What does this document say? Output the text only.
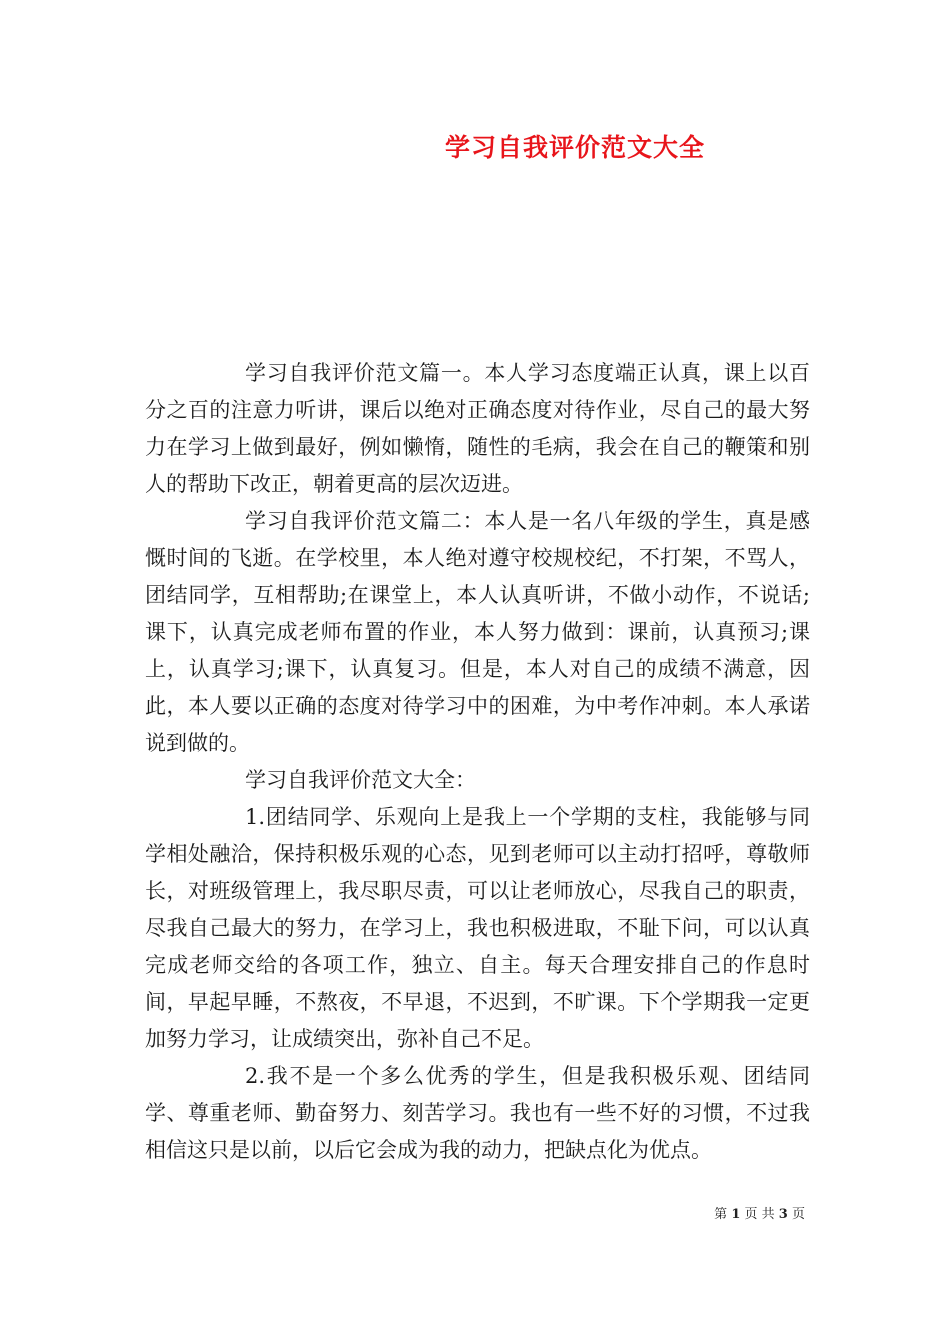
学习自我评价范文大全

学习自我评价范文篇一。本人学习态度端正认真，课上以百分之百的注意力听讲，课后以绝对正确态度对待作业，尽自己的最大努力在学习上做到最好，例如懒惰，随性的毛病，我会在自己的鞭策和别人的帮助下改正，朝着更高的层次迈进。

学习自我评价范文篇二：本人是一名八年级的学生，真是感慨时间的飞逝。在学校里，本人绝对遵守校规校纪，不打架，不骂人，团结同学，互相帮助;在课堂上，本人认真听讲，不做小动作，不说话;课下，认真完成老师布置的作业，本人努力做到：课前，认真预习;课上，认真学习;课下，认真复习。但是，本人对自己的成绩不满意，因此，本人要以正确的态度对待学习中的困难，为中考作冲刺。本人承诺说到做的。

学习自我评价范文大全：

1.团结同学、乐观向上是我上一个学期的支柱，我能够与同学相处融洽，保持积极乐观的心态，见到老师可以主动打招呼，尊敬师长，对班级管理上，我尽职尽责，可以让老师放心，尽我自己的职责，尽我自己最大的努力，在学习上，我也积极进取，不耻下问，可以认真完成老师交给的各项工作，独立、自主。每天合理安排自己的作息时间，早起早睡，不熬夜，不早退，不迟到，不旷课。下个学期我一定更加努力学习，让成绩突出，弥补自己不足。

2.我不是一个多么优秀的学生，但是我积极乐观、团结同学、尊重老师、勤奋努力、刻苦学习。我也有一些不好的习惯，不过我相信这只是以前，以后它会成为我的动力，把缺点化为优点。

第 1 页 共 3 页
